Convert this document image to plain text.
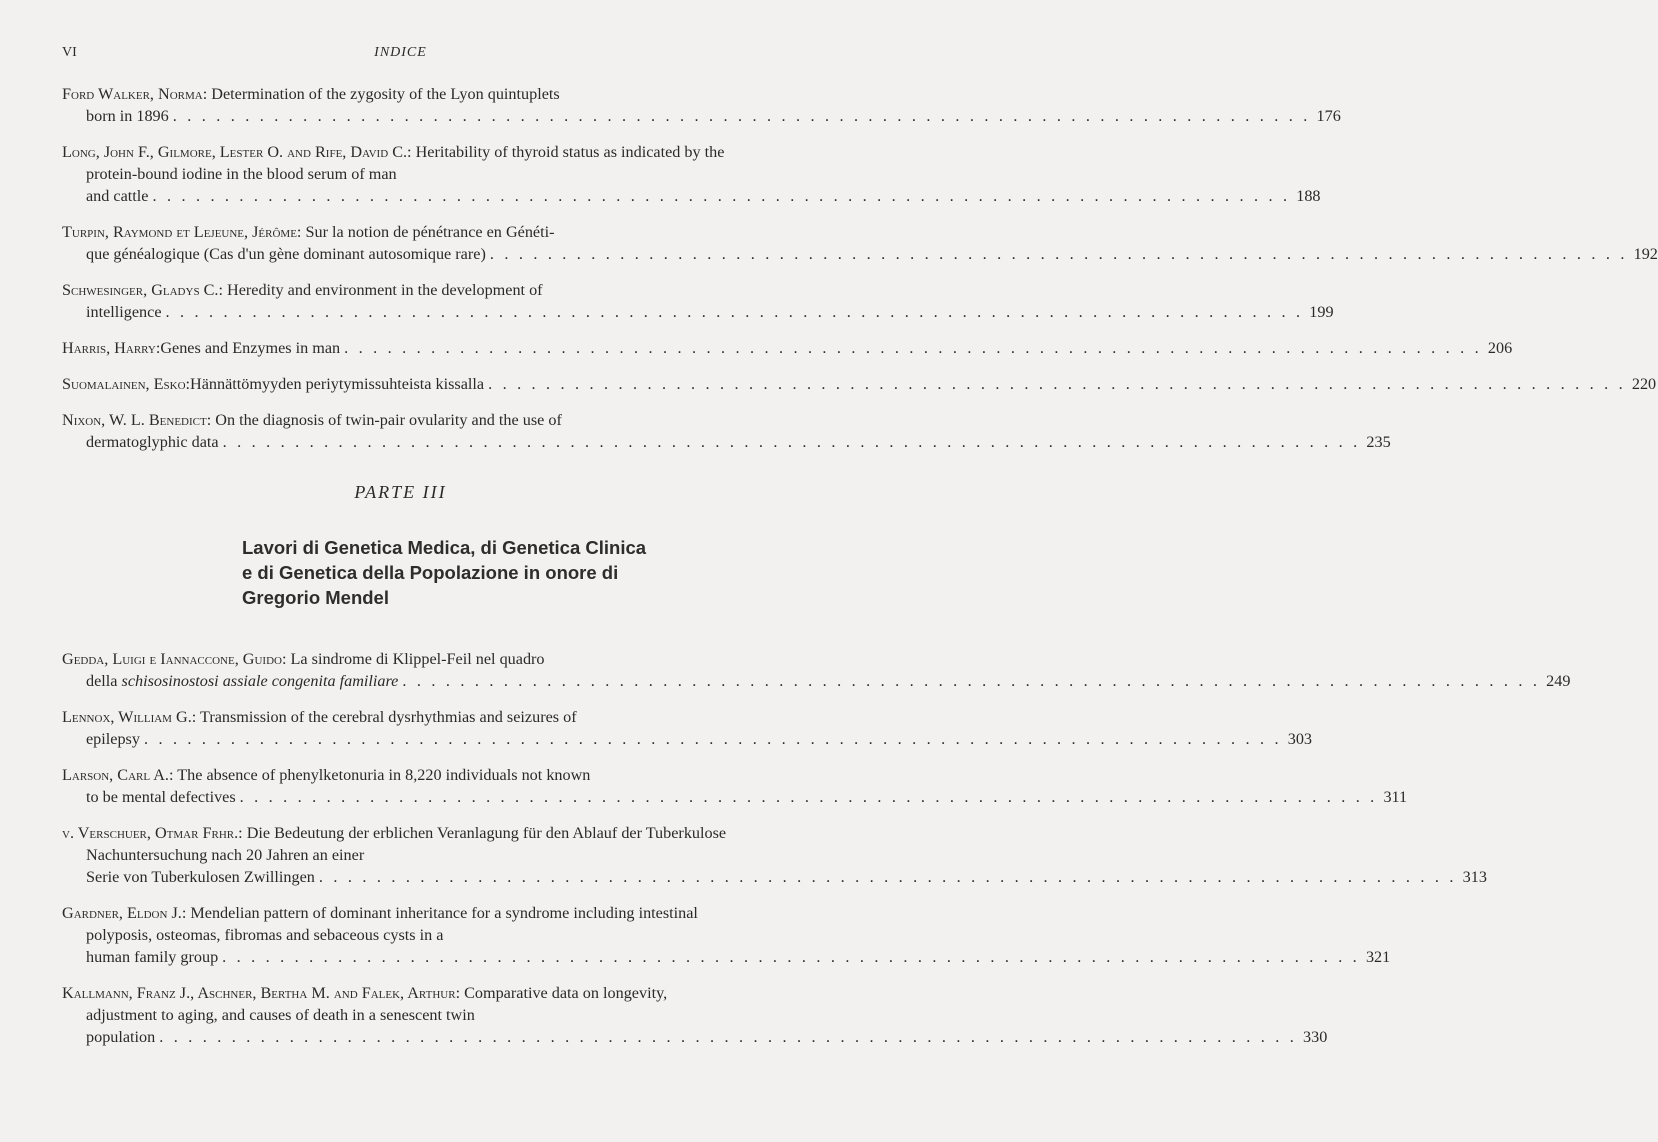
VI	INDICE
Ford Walker, Norma: Determination of the zygosity of the Lyon quintuplets
born in 1896 . . . . . . . . . . . . . . . . . . . . . . . . . . . . . . . . . . . . . . . . . . . . . . . . . . . . . . . . . . . . . . . . . . . . . . . . . . . . . . . 176
Long, John F., Gilmore, Lester O. and Rife, David C.: Heritability of thyroid status as indicated by the protein-bound iodine in the blood serum of man
and cattle . . . . . . . . . . . . . . . . . . . . . . . . . . . . . . . . . . . . . . . . . . . . . . . . . . . . . . . . . . . . . . . . . . . . . . . . . . . . . . . 188
Turpin, Raymond et Lejeune, Jérôme: Sur la notion de pénétrance en Généti-
que généalogique (Cas d'un gène dominant autosomique rare) . . . . . . . . . . . . . . . . . . . . . . . . . . . . . . . . . . . . . . . . . . . . . . . . . . . . . . . . . . . . . . . . . . . . . . . . . . . . . . . 192
Schwesinger, Gladys C.: Heredity and environment in the development of
intelligence . . . . . . . . . . . . . . . . . . . . . . . . . . . . . . . . . . . . . . . . . . . . . . . . . . . . . . . . . . . . . . . . . . . . . . . . . . . . . . . 199
Harris, Harry : Genes and Enzymes in man . . . . . . . . . . . . . . . . . . . . . . . . . . . . . . . . . . . . . . . . . . . . . . . . . . . . . . . . . . . . . . . . . . . . . . . . . . . . . . . 206
Suomalainen, Esko : Hännättömyyden periytymissuhteista kissalla . . . . . . . . . . . . . . . . . . . . . . . . . . . . . . . . . . . . . . . . . . . . . . . . . . . . . . . . . . . . . . . . . . . . . . . . . . . . . . . 220
Nixon, W. L. Benedict: On the diagnosis of twin-pair ovularity and the use of
dermatoglyphic data . . . . . . . . . . . . . . . . . . . . . . . . . . . . . . . . . . . . . . . . . . . . . . . . . . . . . . . . . . . . . . . . . . . . . . . . . . . . . . . 235
PARTE III
Lavori di Genetica Medica, di Genetica Clinica
e di Genetica della Popolazione in onore di
Gregorio Mendel
Gedda, Luigi e Iannaccone, Guido: La sindrome di Klippel-Feil nel quadro
della schisosinostosi assiale congenita familiare . . . . . . . . . . . . . . . . . . . . . . . . . . . . . . . . . . . . . . . . . . . . . . . . . . . . . . . . . . . . . . . . . . . . . . . . . . . . . . . 249
Lennox, William G.: Transmission of the cerebral dysrhythmias and seizures of
epilepsy . . . . . . . . . . . . . . . . . . . . . . . . . . . . . . . . . . . . . . . . . . . . . . . . . . . . . . . . . . . . . . . . . . . . . . . . . . . . . . . 303
Larson, Carl A.: The absence of phenylketonuria in 8,220 individuals not known
to be mental defectives . . . . . . . . . . . . . . . . . . . . . . . . . . . . . . . . . . . . . . . . . . . . . . . . . . . . . . . . . . . . . . . . . . . . . . . . . . . . . . . 311
v. Verschuer, Otmar Frhr.: Die Bedeutung der erblichen Veranlagung für den Ablauf der Tuberkulose Nachuntersuchung nach 20 Jahren an einer
Serie von Tuberkulosen Zwillingen . . . . . . . . . . . . . . . . . . . . . . . . . . . . . . . . . . . . . . . . . . . . . . . . . . . . . . . . . . . . . . . . . . . . . . . . . . . . . . . 313
Gardner, Eldon J.: Mendelian pattern of dominant inheritance for a syndrome including intestinal polyposis, osteomas, fibromas and sebaceous cysts in a
human family group . . . . . . . . . . . . . . . . . . . . . . . . . . . . . . . . . . . . . . . . . . . . . . . . . . . . . . . . . . . . . . . . . . . . . . . . . . . . . . . 321
Kallmann, Franz J., Aschner, Bertha M. and Falek, Arthur: Comparative data on longevity, adjustment to aging, and causes of death in a senescent twin
population . . . . . . . . . . . . . . . . . . . . . . . . . . . . . . . . . . . . . . . . . . . . . . . . . . . . . . . . . . . . . . . . . . . . . . . . . . . . . . . 330
